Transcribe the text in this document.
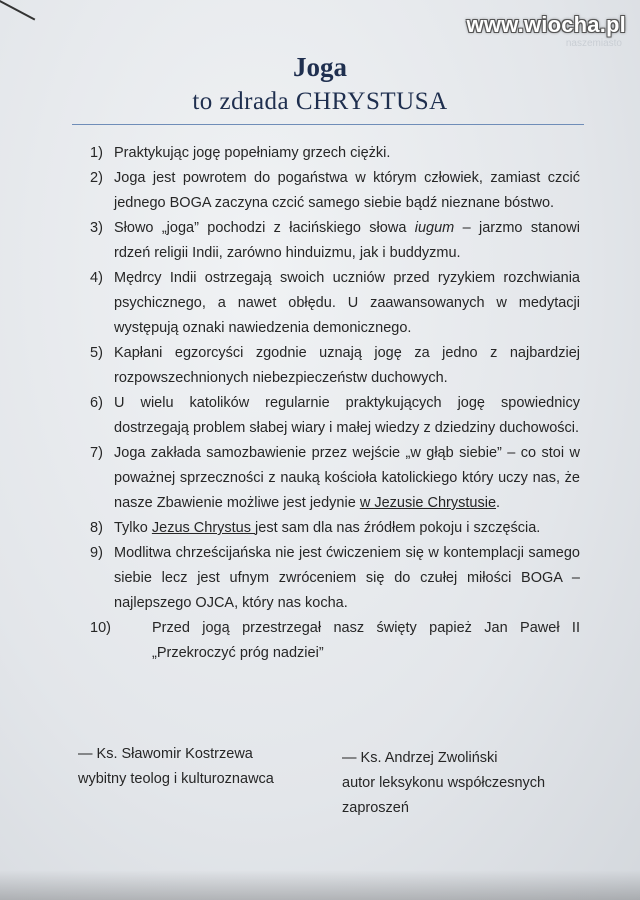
www.wiocha.pl
naszemiasto
Joga
to zdrada CHRYSTUSA
1) Praktykując jogę popełniamy grzech ciężki.
2) Joga jest powrotem do pogaństwa w którym człowiek, zamiast czcić jednego BOGA zaczyna czcić samego siebie bądź nieznane bóstwo.
3) Słowo „joga” pochodzi z łacińskiego słowa iugum – jarzmo stanowi rdzeń religii Indii, zarówno hinduizmu, jak i buddyzmu.
4) Mędrcy Indii ostrzegają swoich uczniów przed ryzykiem rozchwiania psychicznego, a nawet obłędu. U zaawansowanych w medytacji występują oznaki nawiedzenia demonicznego.
5) Kapłani egzorcyści zgodnie uznają jogę za jedno z najbardziej rozpowszechnionych niebezpieczeństw duchowych.
6) U wielu katolików regularnie praktykujących jogę spowiednicy dostrzegają problem słabej wiary i małej wiedzy z dziedziny duchowości.
7) Joga zakłada samozbawienie przez wejście „w głąb siebie” – co stoi w poważnej sprzeczności z nauką kościoła katolickiego który uczy nas, że nasze Zbawienie możliwe jest jedynie w Jezusie Chrystusie.
8) Tylko Jezus Chrystus jest sam dla nas źródłem pokoju i szczęścia.
9) Modlitwa chrześcijańska nie jest ćwiczeniem się w kontemplacji samego siebie lecz jest ufnym zwróceniem się do czułej miłości BOGA – najlepszego OJCA, który nas kocha.
10)	Przed jogą przestrzegał nasz święty papież Jan Paweł II „Przekroczyć próg nadziei”
— Ks. Sławomir Kostrzewa
wybitny teolog i kulturoznawca
— Ks. Andrzej Zwoliński
autor leksykonu współczesnych
zaproszeń
